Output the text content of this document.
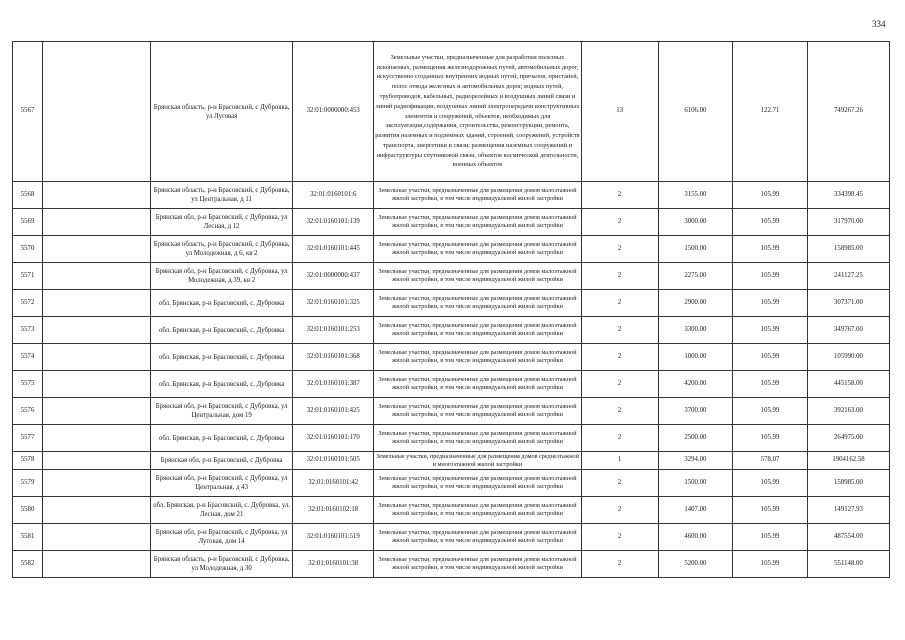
334
5567		Брянская область, р-н Брасовский, с Дубровка, ул Луговая	32:01:0000000:453	Земельные участки, предназначенные для разработки полезных ископаемых, размещения железнодорожных путей, автомобильных дорог, искусственно созданных внутренних водных путей, причалов, пристаней, полос отвода железных и автомобильных дорог, водных путей, трубопроводов, кабельных, радиорелейных и воздушных линий связи и линий радиофикации, воздушных линий электропередачи конструктивных элементов и сооружений, объектов, необходимых для эксплуатации,содержания, строительства, реконструкции, ремонта, развития наземных и подземных зданий, строений, сооружений, устройств транспорта, энергетики и связи; размещения наземных сооружений и инфраструктуры спутниковой связи, объектов космической деятельности, военных объектов	13	6106.00	122.71	749267.26
5568		Брянская область, р-н Брасовский, с Дубровка, ул Центральная, д 11	32:01:0160101:6	Земельные участки, предназначенные для размещения домов малоэтажной жилой застройки, в том числе индивидуальной жилой застройки	2	3155.00	105.99	334398.45
5569		Брянская обл, р-н Брасовский, с Дубровка, ул Лесная, д 12	32:01:0160101:139	Земельные участки, предназначенные для размещения домов малоэтажной жилой застройки, в том числе индивидуальной жилой застройки	2	3000.00	105.99	317970.00
5570		Брянская область, р-н Брасовский, с Дубровка, ул Молодежная, д 6, кв 2	32:01:0160101:445	Земельные участки, предназначенные для размещения домов малоэтажной жилой застройки, в том числе индивидуальной жилой застройки	2	1500.00	105.99	158985.00
5571		Брянская обл, р-н Брасовский, с Дубровка, ул Молодежная, д 39, кв 2	32:01:0000000:437	Земельные участки, предназначенные для размещения домов малоэтажной жилой застройки, в том числе индивидуальной жилой застройки	2	2275.00	105.99	241127.25
5572		обл. Брянская, р-н Брасовский, с. Дубровка	32:01:0160101:325	Земельные участки, предназначенные для размещения домов малоэтажной жилой застройки, в том числе индивидуальной жилой застройки	2	2900.00	105.99	307371.00
5573		обл. Брянская, р-н Брасовский, с. Дубровка	32:01:0160101:253	Земельные участки, предназначенные для размещения домов малоэтажной жилой застройки, в том числе индивидуальной жилой застройки	2	3300.00	105.99	349767.00
5574		обл. Брянская, р-н Брасовский, с. Дубровка	32:01:0160101:368	Земельные участки, предназначенные для размещения домов малоэтажной жилой застройки, в том числе индивидуальной жилой застройки	2	1000.00	105.99	105990.00
5575		обл. Брянская, р-н Брасовский, с. Дубровка	32:01:0160101:387	Земельные участки, предназначенные для размещения домов малоэтажной жилой застройки, в том числе индивидуальной жилой застройки	2	4200.00	105.99	445158.00
5576		Брянская обл, р-н Брасовский, с Дубровка, ул Центральная, дом 19	32:01:0160101:425	Земельные участки, предназначенные для размещения домов малоэтажной жилой застройки, в том числе индивидуальной жилой застройки	2	3700.00	105.99	392163.00
5577		обл. Брянская, р-н Брасовский, с. Дубровка	32:01:0160101:170	Земельные участки, предназначенные для размещения домов малоэтажной жилой застройки, в том числе индивидуальной жилой застройки	2	2500.00	105.99	264975.00
5578		Брянская обл, р-н Брасовский, с Дубровка	32:01:0160101:505	Земельные участки, предназначенные для размещения домов среднеэтажной и многоэтажной жилой застройки	1	3294.00	578.07	1904162.58
5579		Брянская обл, р-н Брасовский, с Дубровка, ул Центральная, д 43	32:01:0160101:42	Земельные участки, предназначенные для размещения домов малоэтажной жилой застройки, в том числе индивидуальной жилой застройки	2	1500.00	105.99	158985.00
5580		обл. Брянская, р-н Брасовский, с. Дубровка, ул. Лесная, дом 21	32:01:0160102:18	Земельные участки, предназначенные для размещения домов малоэтажной жилой застройки, в том числе индивидуальной жилой застройки	2	1407.00	105.99	149127.93
5581		Брянская обл, р-н Брасовский, с Дубровка, ул Луговая, дом 14	32:01:0160101:519	Земельные участки, предназначенные для размещения домов малоэтажной жилой застройки, в том числе индивидуальной жилой застройки	2	4600.00	105.99	487554.00
5582		Брянская область, р-н Брасовский, с Дубровка, ул Молодежная, д 30	32:01:0160101:38	Земельные участки, предназначенные для размещения домов малоэтажной жилой застройки, в том числе индивидуальной жилой застройки	2	5200.00	105.99	551148.00
